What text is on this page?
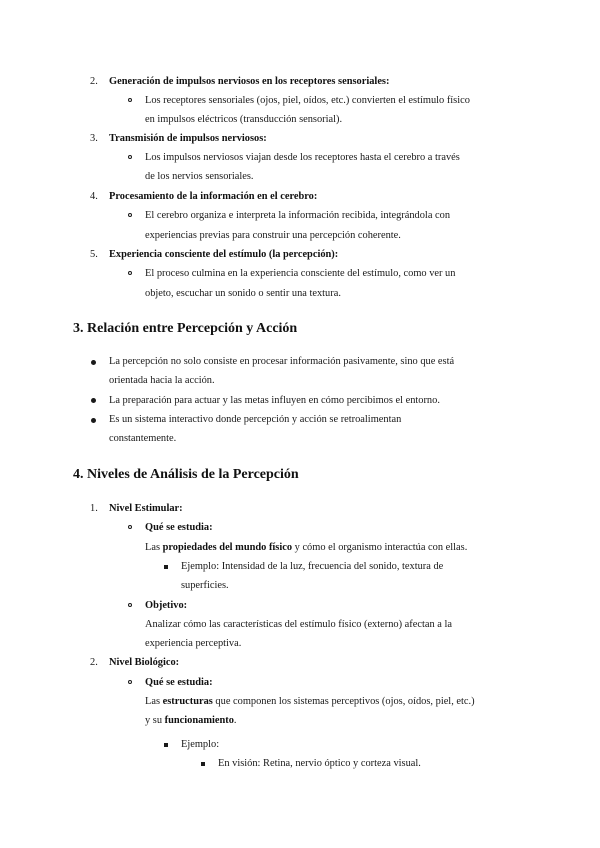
2. Generación de impulsos nerviosos en los receptores sensoriales:
Los receptores sensoriales (ojos, piel, oídos, etc.) convierten el estímulo físico
en impulsos eléctricos (transducción sensorial).
3. Transmisión de impulsos nerviosos:
Los impulsos nerviosos viajan desde los receptores hasta el cerebro a través
de los nervios sensoriales.
4. Procesamiento de la información en el cerebro:
El cerebro organiza e interpreta la información recibida, integrándola con
experiencias previas para construir una percepción coherente.
5. Experiencia consciente del estímulo (la percepción):
El proceso culmina en la experiencia consciente del estímulo, como ver un
objeto, escuchar un sonido o sentir una textura.
3. Relación entre Percepción y Acción
La percepción no solo consiste en procesar información pasivamente, sino que está
orientada hacia la acción.
La preparación para actuar y las metas influyen en cómo percibimos el entorno.
Es un sistema interactivo donde percepción y acción se retroalimentan
constantemente.
4. Niveles de Análisis de la Percepción
1. Nivel Estimular:
Qué se estudia:
Las propiedades del mundo físico y cómo el organismo interactúa con ellas.
Ejemplo: Intensidad de la luz, frecuencia del sonido, textura de
superficies.
Objetivo:
Analizar cómo las características del estímulo físico (externo) afectan a la
experiencia perceptiva.
2. Nivel Biológico:
Qué se estudia:
Las estructuras que componen los sistemas perceptivos (ojos, oídos, piel, etc.)
y su funcionamiento.
Ejemplo:
En visión: Retina, nervio óptico y corteza visual.
